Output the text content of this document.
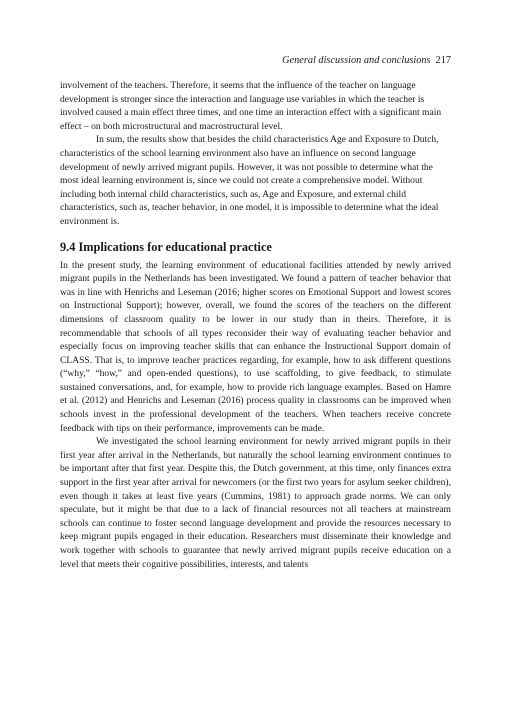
General discussion and conclusions 217

involvement of the teachers. Therefore, it seems that the influence of the teacher on language development is stronger since the interaction and language use variables in which the teacher is involved caused a main effect three times, and one time an interaction effect with a significant main effect – on both microstructural and macrostructural level.

In sum, the results show that besides the child characteristics Age and Exposure to Dutch, characteristics of the school learning environment also have an influence on second language development of newly arrived migrant pupils. However, it was not possible to determine what the most ideal learning environment is, since we could not create a comprehensive model. Without including both internal child characteristics, such as, Age and Exposure, and external child characteristics, such as, teacher behavior, in one model, it is impossible to determine what the ideal environment is.

9.4 Implications for educational practice

In the present study, the learning environment of educational facilities attended by newly arrived migrant pupils in the Netherlands has been investigated. We found a pattern of teacher behavior that was in line with Henrichs and Leseman (2016; higher scores on Emotional Support and lowest scores on Instructional Support); however, overall, we found the scores of the teachers on the different dimensions of classroom quality to be lower in our study than in theirs. Therefore, it is recommendable that schools of all types reconsider their way of evaluating teacher behavior and especially focus on improving teacher skills that can enhance the Instructional Support domain of CLASS. That is, to improve teacher practices regarding, for example, how to ask different questions (“why,” “how,” and open-ended questions), to use scaffolding, to give feedback, to stimulate sustained conversations, and, for example, how to provide rich language examples. Based on Hamre et al. (2012) and Henrichs and Leseman (2016) process quality in classrooms can be improved when schools invest in the professional development of the teachers. When teachers receive concrete feedback with tips on their performance, improvements can be made.

We investigated the school learning environment for newly arrived migrant pupils in their first year after arrival in the Netherlands, but naturally the school learning environment continues to be important after that first year. Despite this, the Dutch government, at this time, only finances extra support in the first year after arrival for newcomers (or the first two years for asylum seeker children), even though it takes at least five years (Cummins, 1981) to approach grade norms. We can only speculate, but it might be that due to a lack of financial resources not all teachers at mainstream schools can continue to foster second language development and provide the resources necessary to keep migrant pupils engaged in their education. Researchers must disseminate their knowledge and work together with schools to guarantee that newly arrived migrant pupils receive education on a level that meets their cognitive possibilities, interests, and talents
